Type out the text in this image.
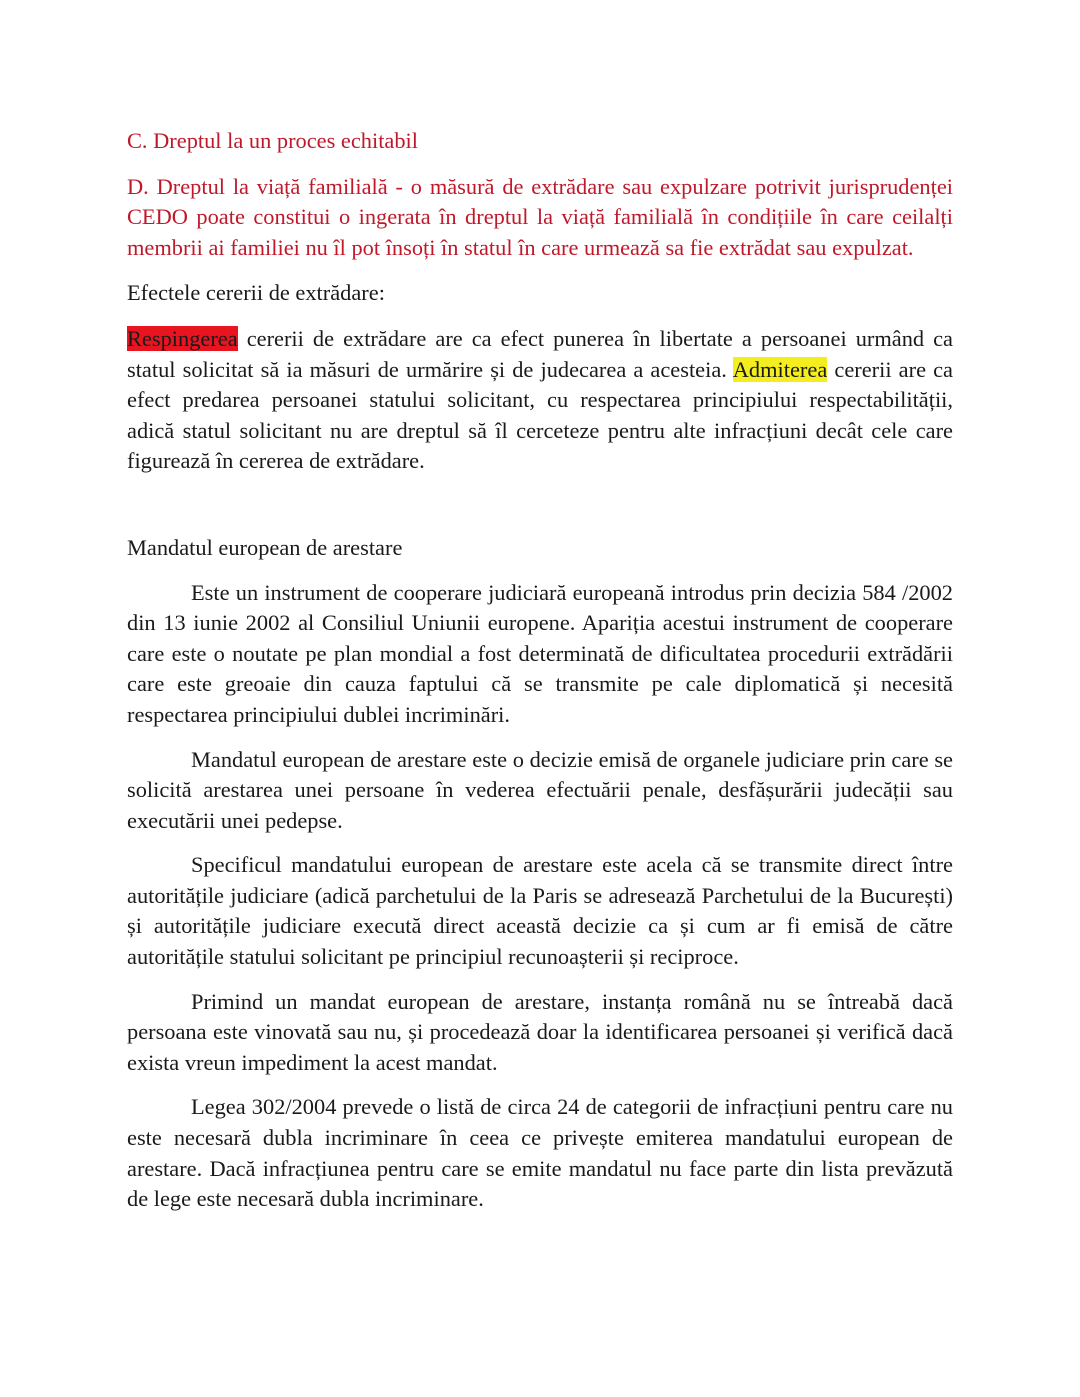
C. Dreptul la un proces echitabil

D. Dreptul la viață familială - o măsură de extrădare sau expulzare potrivit jurisprudenței CEDO poate constitui o ingerata în dreptul la viață familială în condițiile în care ceilalți membrii ai familiei nu îl pot însoți în statul în care urmează sa fie extrădat sau expulzat.

Efectele cererii de extrădare:

Respingerea cererii de extrădare are ca efect punerea în libertate a persoanei urmând ca statul solicitat să ia măsuri de urmărire și de judecarea a acesteia. Admiterea cererii are ca efect predarea persoanei statului solicitant, cu respectarea principiului respectabilității, adică statul solicitant nu are dreptul să îl cerceteze pentru alte infracțiuni decât cele care figurează în cererea de extrădare.

Mandatul european de arestare

Este un instrument de cooperare judiciară europeană introdus prin decizia 584 /2002 din 13 iunie 2002 al Consiliul Uniunii europene. Apariția acestui instrument de cooperare care este o noutate pe plan mondial a fost determinată de dificultatea procedurii extrădării care este greoaie din cauza faptului că se transmite pe cale diplomatică și necesită respectarea principiului dublei incriminări.

Mandatul european de arestare este o decizie emisă de organele judiciare prin care se solicită arestarea unei persoane în vederea efectuării penale, desfășurării judecății sau executării unei pedepse.

Specificul mandatului european de arestare este acela că se transmite direct între autoritățile judiciare (adică parchetului de la Paris se adresează Parchetului de la București) și autoritățile judiciare execută direct această decizie ca și cum ar fi emisă de către autoritățile statului solicitant pe principiul recunoașterii și reciproce.

Primind un mandat european de arestare, instanța română nu se întreabă dacă persoana este vinovată sau nu, și procedează doar la identificarea persoanei și verifică dacă exista vreun impediment la acest mandat.

Legea 302/2004 prevede o listă de circa 24 de categorii de infracțiuni pentru care nu este necesară dubla incriminare în ceea ce privește emiterea mandatului european de arestare. Dacă infracțiunea pentru care se emite mandatul nu face parte din lista prevăzută de lege este necesară dubla incriminare.
